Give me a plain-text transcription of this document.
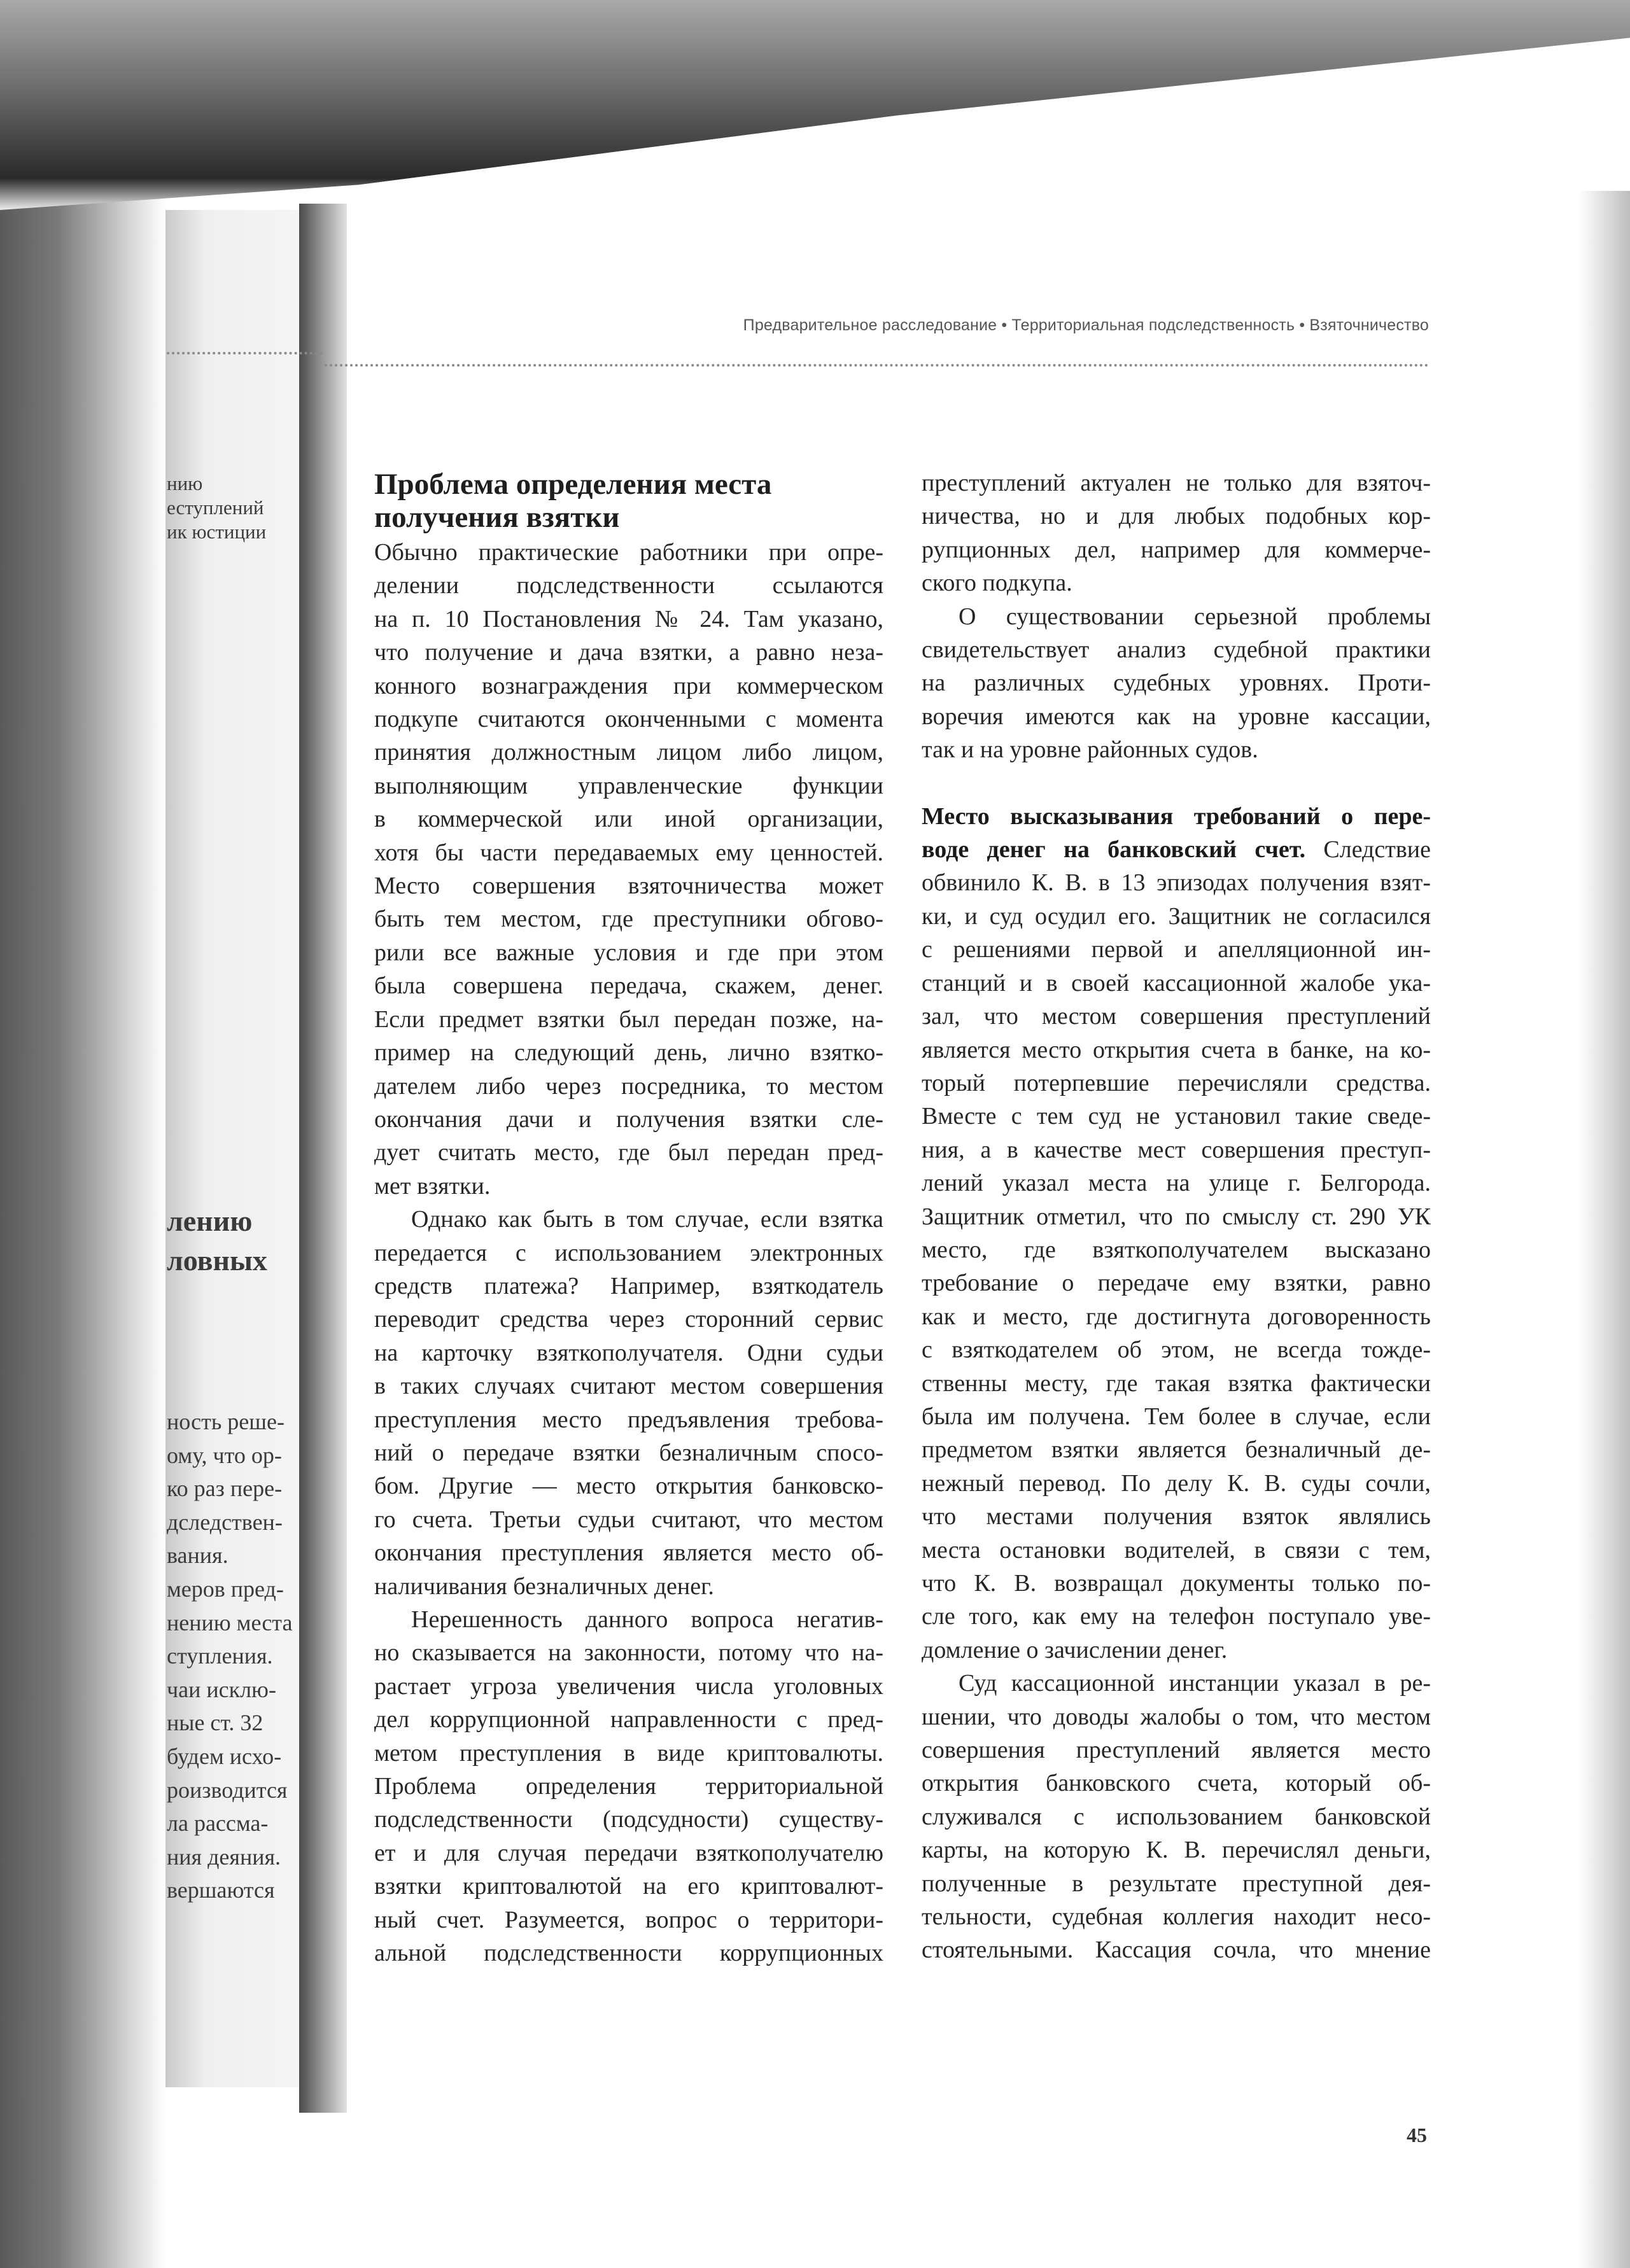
Предварительное расследование • Территориальная подследственность • Взяточничество
нию
еступлений
ик юстиции
лению
ловных
ность реше-
ому, что ор-
ко раз пере-
дследствен-
вания.
меров пред-
нению места
ступления.
чаи исклю-
ные ст. 32
будем исхо-
роизводится
ла рассма-
ния деяния.
вершаются
Проблема определения места
получения взятки
Обычно практические работники при опре-
делении подследственности ссылаются
на п. 10 Постановления № 24. Там указано,
что получение и дача взятки, а равно неза-
конного вознаграждения при коммерческом
подкупе считаются оконченными с момента
принятия должностным лицом либо лицом,
выполняющим управленческие функции
в коммерческой или иной организации,
хотя бы части передаваемых ему ценностей.
Место совершения взяточничества может
быть тем местом, где преступники обгово-
рили все важные условия и где при этом
была совершена передача, скажем, денег.
Если предмет взятки был передан позже, на-
пример на следующий день, лично взятко-
дателем либо через посредника, то местом
окончания дачи и получения взятки сле-
дует считать место, где был передан пред-
мет взятки.
Однако как быть в том случае, если взятка
передается с использованием электронных
средств платежа? Например, взяткодатель
переводит средства через сторонний сервис
на карточку взяткополучателя. Одни судьи
в таких случаях считают местом совершения
преступления место предъявления требова-
ний о передаче взятки безналичным спосо-
бом. Другие — место открытия банковско-
го счета. Третьи судьи считают, что местом
окончания преступления является место об-
наличивания безналичных денег.
Нерешенность данного вопроса негатив-
но сказывается на законности, потому что на-
растает угроза увеличения числа уголовных
дел коррупционной направленности с пред-
метом преступления в виде криптовалюты.
Проблема определения территориальной
подследственности (подсудности) существу-
ет и для случая передачи взяткополучателю
взятки криптовалютой на его криптовалют-
ный счет. Разумеется, вопрос о территори-
альной подследственности коррупционных
преступлений актуален не только для взяточ-
ничества, но и для любых подобных кор-
рупционных дел, например для коммерче-
ского подкупа.
О существовании серьезной проблемы
свидетельствует анализ судебной практики
на различных судебных уровнях. Проти-
воречия имеются как на уровне кассации,
так и на уровне районных судов.
Место высказывания требований о пере-
воде денег на банковский счет. Следствие
обвинило К. В. в 13 эпизодах получения взят-
ки, и суд осудил его. Защитник не согласился
с решениями первой и апелляционной ин-
станций и в своей кассационной жалобе ука-
зал, что местом совершения преступлений
является место открытия счета в банке, на ко-
торый потерпевшие перечисляли средства.
Вместе с тем суд не установил такие сведе-
ния, а в качестве мест совершения преступ-
лений указал места на улице г. Белгорода.
Защитник отметил, что по смыслу ст. 290 УК
место, где взяткополучателем высказано
требование о передаче ему взятки, равно
как и место, где достигнута договоренность
с взяткодателем об этом, не всегда тожде-
ственны месту, где такая взятка фактически
была им получена. Тем более в случае, если
предметом взятки является безналичный де-
нежный перевод. По делу К. В. суды сочли,
что местами получения взяток являлись
места остановки водителей, в связи с тем,
что К. В. возвращал документы только по-
сле того, как ему на телефон поступало уве-
домление о зачислении денег.
Суд кассационной инстанции указал в ре-
шении, что доводы жалобы о том, что местом
совершения преступлений является место
открытия банковского счета, который об-
служивался с использованием банковской
карты, на которую К. В. перечислял деньги,
полученные в результате преступной дея-
тельности, судебная коллегия находит несо-
стоятельными. Кассация сочла, что мнение
45
